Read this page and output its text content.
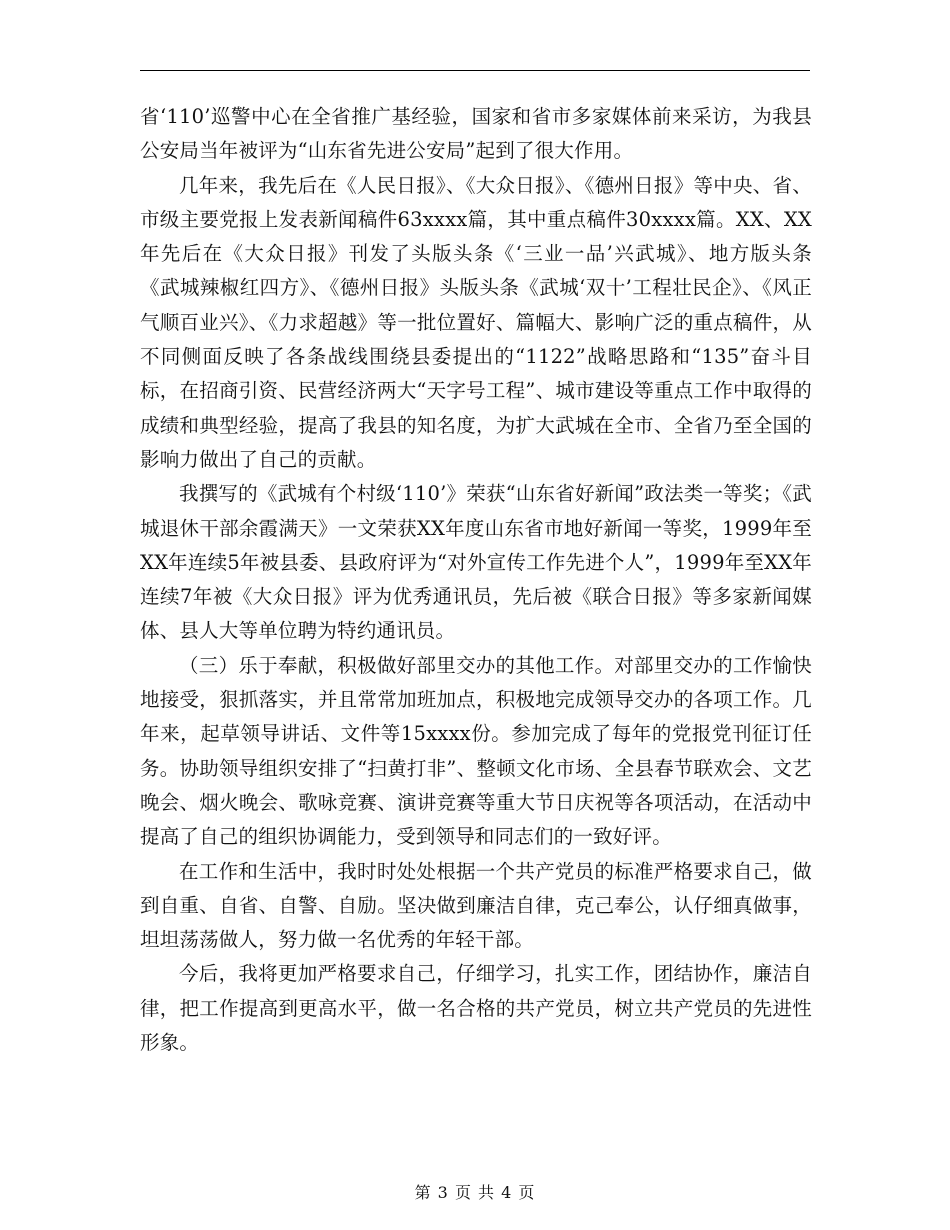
省‘110’巡警中心在全省推广基经验，国家和省市多家媒体前来采访，为我县公安局当年被评为“山东省先进公安局”起到了很大作用。

几年来，我先后在《人民日报》、《大众日报》、《德州日报》等中央、省、市级主要党报上发表新闻稿件63xxxx篇，其中重点稿件30xxxx篇。XX、XX年先后在《大众日报》刊发了头版头条《‘三业一品’兴武城》、地方版头条《武城辣椒红四方》、《德州日报》头版头条《武城‘双十’工程壮民企》、《风正气顺百业兴》、《力求超越》等一批位置好、篇幅大、影响广泛的重点稿件，从不同侧面反映了各条战线围绕县委提出的“1122”战略思路和“135”奋斗目标，在招商引资、民营经济两大“天字号工程”、城市建设等重点工作中取得的成绩和典型经验，提高了我县的知名度，为扩大武城在全市、全省乃至全国的影响力做出了自己的贡献。

我撰写的《武城有个村级‘110’》荣获“山东省好新闻”政法类一等奖；《武城退休干部余霞满天》一文荣获XX年度山东省市地好新闻一等奖，1999年至XX年连续5年被县委、县政府评为“对外宣传工作先进个人”，1999年至XX年连续7年被《大众日报》评为优秀通讯员，先后被《联合日报》等多家新闻媒体、县人大等单位聘为特约通讯员。

（三）乐于奉献，积极做好部里交办的其他工作。对部里交办的工作愉快地接受，狠抓落实，并且常常加班加点，积极地完成领导交办的各项工作。几年来，起草领导讲话、文件等15xxxx份。参加完成了每年的党报党刊征订任务。协助领导组织安排了“扫黄打非”、整顿文化市场、全县春节联欢会、文艺晚会、烟火晚会、歌咏竞赛、演讲竞赛等重大节日庆祝等各项活动，在活动中提高了自己的组织协调能力，受到领导和同志们的一致好评。

在工作和生活中，我时时处处根据一个共产党员的标准严格要求自己，做到自重、自省、自警、自励。坚决做到廉洁自律，克己奉公，认仔细真做事，坦坦荡荡做人，努力做一名优秀的年轻干部。

今后，我将更加严格要求自己，仔细学习，扎实工作，团结协作，廉洁自律，把工作提高到更高水平，做一名合格的共产党员，树立共产党员的先进性形象。

第 3 页 共 4 页
